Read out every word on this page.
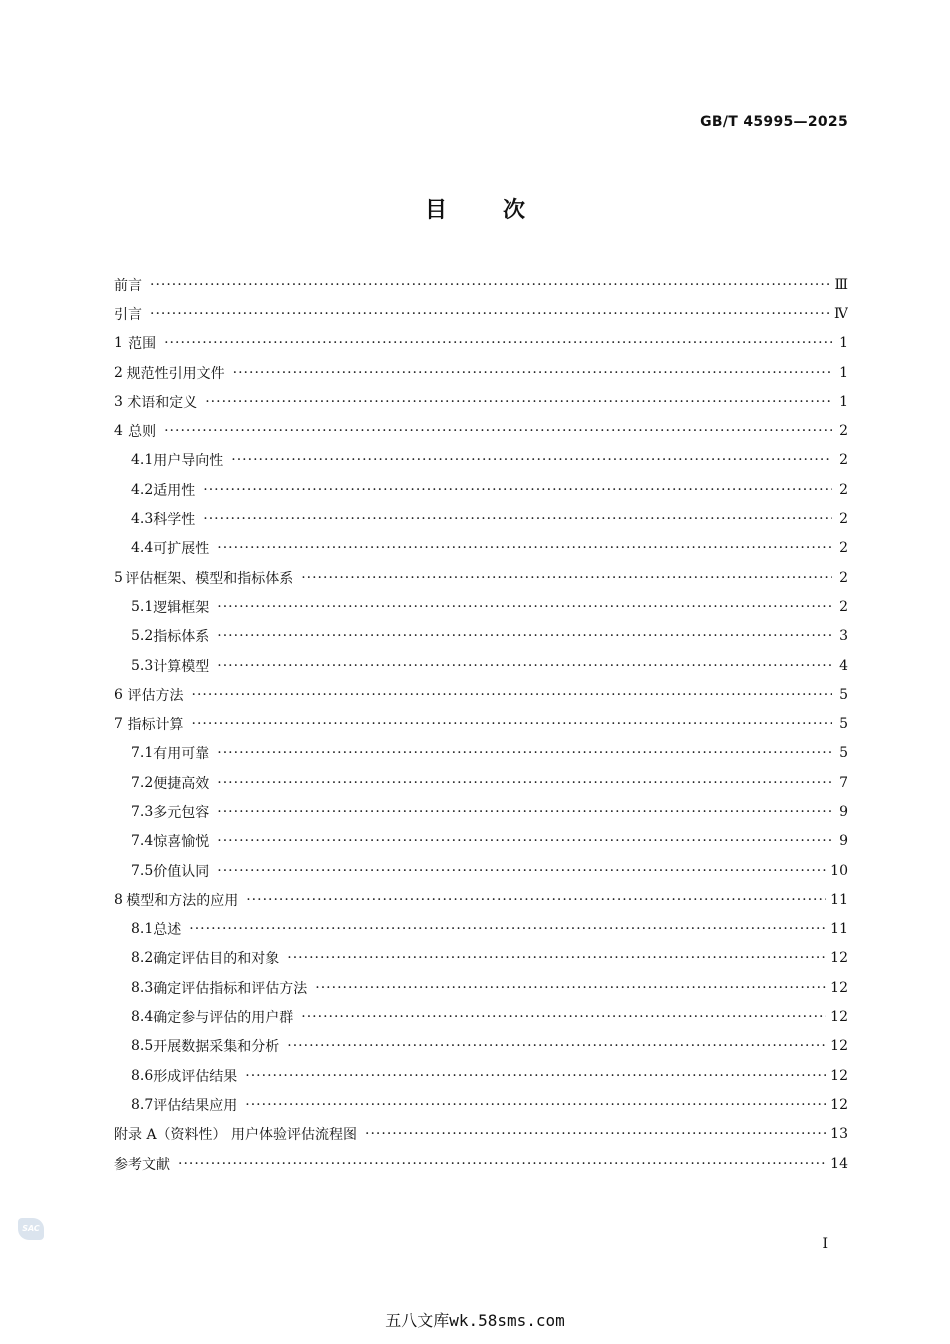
GB/T 45995—2025
目次
前言 ·····	Ⅲ
引言 ·····	Ⅳ
1 范围 ·····	1
2 规范性引用文件 ·····	1
3 术语和定义 ·····	1
4 总则 ·····	2
4.1 用户导向性 ·····	2
4.2 适用性 ·····	2
4.3 科学性 ·····	2
4.4 可扩展性 ·····	2
5 评估框架、模型和指标体系 ·····	2
5.1 逻辑框架 ·····	2
5.2 指标体系 ·····	3
5.3 计算模型 ·····	4
6 评估方法 ·····	5
7 指标计算 ·····	5
7.1 有用可靠 ·····	5
7.2 便捷高效 ·····	7
7.3 多元包容 ·····	9
7.4 惊喜愉悦 ·····	9
7.5 价值认同 ·····	10
8 模型和方法的应用 ·····	11
8.1 总述 ·····	11
8.2 确定评估目的和对象 ·····	12
8.3 确定评估指标和评估方法 ·····	12
8.4 确定参与评估的用户群 ·····	12
8.5 开展数据采集和分析 ·····	12
8.6 形成评估结果 ·····	12
8.7 评估结果应用 ·····	12
附录 A（资料性） 用户体验评估流程图 ·····	13
参考文献 ·····	14
SAC
I
五八文库wk.58sms.com
